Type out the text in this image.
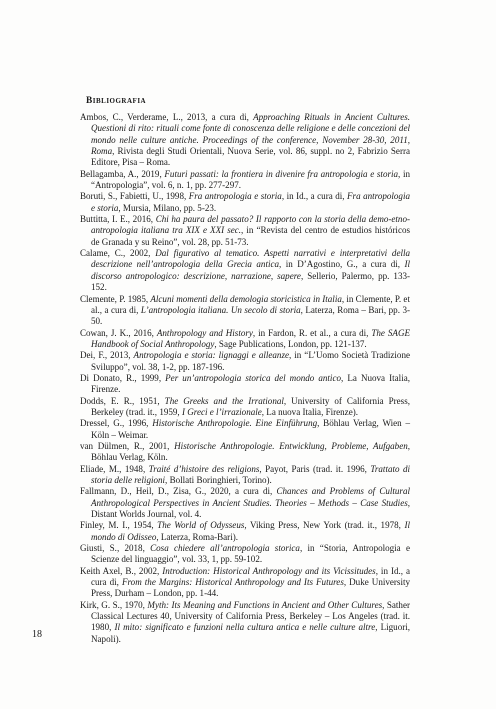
Bibliografia
Ambos, C., Verderame, L., 2013, a cura di, Approaching Rituals in Ancient Cultures. Questioni di rito: rituali come fonte di conoscenza delle religione e delle concezioni del mondo nelle culture antiche. Proceedings of the conference, November 28-30, 2011, Roma, Rivista degli Studi Orientali, Nuova Serie, vol. 86, suppl. no 2, Fabrizio Serra Editore, Pisa – Roma.
Bellagamba, A., 2019, Futuri passati: la frontiera in divenire fra antropologia e storia, in “Antropologia”, vol. 6, n. 1, pp. 277-297.
Boruti, S., Fabietti, U., 1998, Fra antropologia e storia, in Id., a cura di, Fra antropologia e storia, Mursia, Milano, pp. 5-23.
Buttitta, I. E., 2016, Chi ha paura del passato? Il rapporto con la storia della demo-etno-antropologia italiana tra XIX e XXI sec., in “Revista del centro de estudios históricos de Granada y su Reino”, vol. 28, pp. 51-73.
Calame, C., 2002, Dal figurativo al tematico. Aspetti narrativi e interpretativi della descrizione nell’antropologia della Grecia antica, in D’Agostino, G., a cura di, Il discorso antropologico: descrizione, narrazione, sapere, Sellerio, Palermo, pp. 133-152.
Clemente, P. 1985, Alcuni momenti della demologia storicistica in Italia, in Clemente, P. et al., a cura di, L’antropologia italiana. Un secolo di storia, Laterza, Roma – Bari, pp. 3-50.
Cowan, J. K., 2016, Anthropology and History, in Fardon, R. et al., a cura di, The SAGE Handbook of Social Anthropology, Sage Publications, London, pp. 121-137.
Dei, F., 2013, Antropologia e storia: lignaggi e alleanze, in “L’Uomo Società Tradizione Sviluppo”, vol. 38, 1-2, pp. 187-196.
Di Donato, R., 1999, Per un’antropologia storica del mondo antico, La Nuova Italia, Firenze.
Dodds, E. R., 1951, The Greeks and the Irrational, University of California Press, Berkeley (trad. it., 1959, I Greci e l’irrazionale, La nuova Italia, Firenze).
Dressel, G., 1996, Historische Anthropologie. Eine Einführung, Böhlau Verlag, Wien – Köln – Weimar.
van Dülmen, R., 2001, Historische Anthropologie. Entwicklung, Probleme, Aufgaben, Böhlau Verlag, Köln.
Eliade, M., 1948, Traité d’histoire des religions, Payot, Paris (trad. it. 1996, Trattato di storia delle religioni, Bollati Boringhieri, Torino).
Fallmann, D., Heil, D., Zisa, G., 2020, a cura di, Chances and Problems of Cultural Anthropological Perspectives in Ancient Studies. Theories – Methods – Case Studies, Distant Worlds Journal, vol. 4.
Finley, M. I., 1954, The World of Odysseus, Viking Press, New York (trad. it., 1978, Il mondo di Odisseo, Laterza, Roma-Bari).
Giusti, S., 2018, Cosa chiedere all’antropologia storica, in “Storia, Antropologia e Scienze del linguaggio”, vol. 33, 1, pp. 59-102.
Keith Axel, B., 2002, Introduction: Historical Anthropology and its Vicissitudes, in Id., a cura di, From the Margins: Historical Anthropology and Its Futures, Duke University Press, Durham – London, pp. 1-44.
Kirk, G. S., 1970, Myth: Its Meaning and Functions in Ancient and Other Cultures, Sather Classical Lectures 40, University of California Press, Berkeley – Los Angeles (trad. it. 1980, Il mito: significato e funzioni nella cultura antica e nelle culture altre, Liguori, Napoli).
18
